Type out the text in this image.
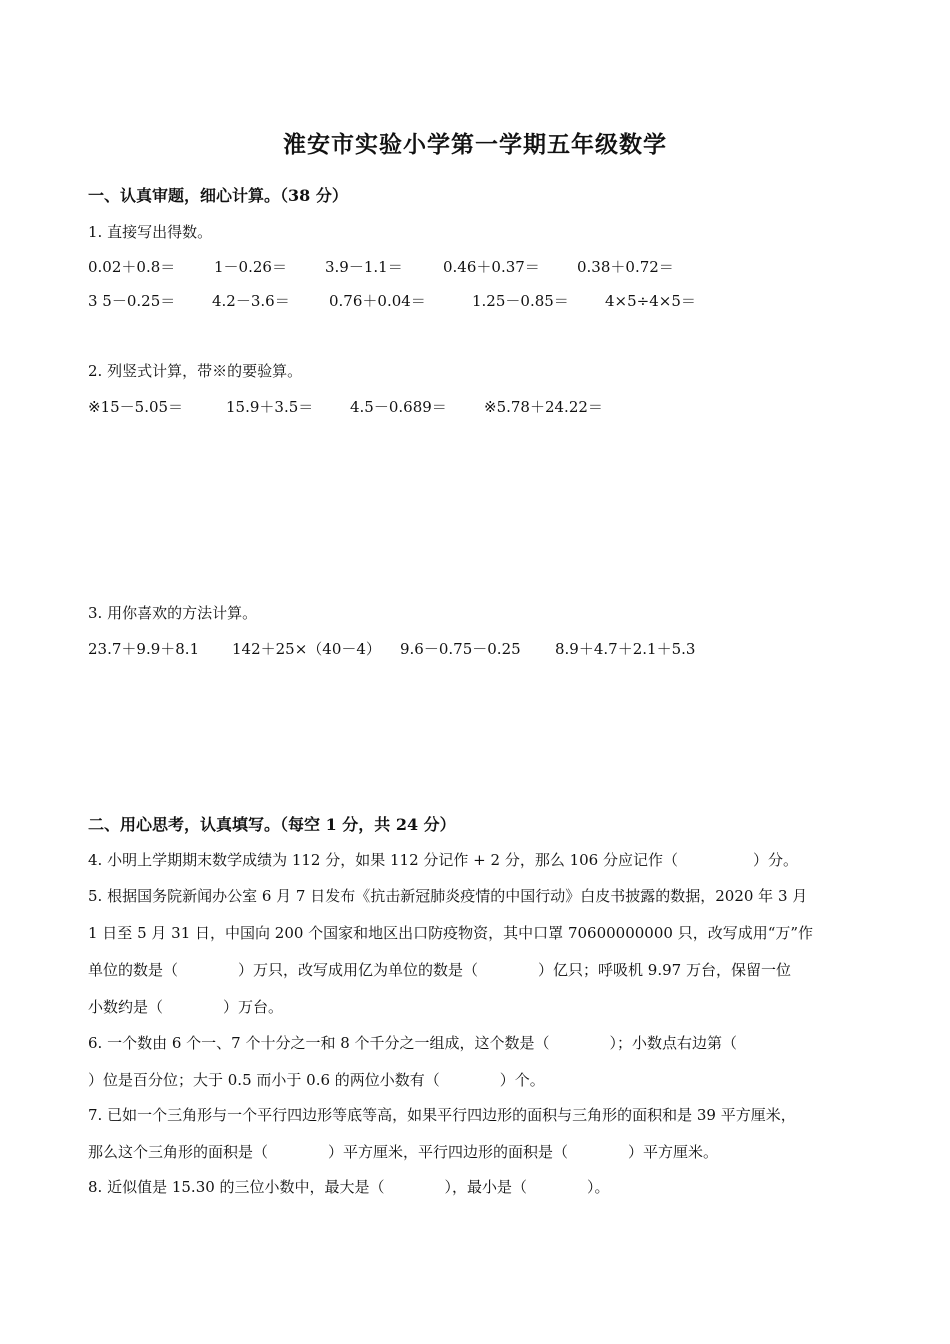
淮安市实验小学第一学期五年级数学
一、认真审题，细心计算。（38 分）
1. 直接写出得数。
0.02＋0.8＝	1－0.26＝	3.9－1.1＝	0.46＋0.37＝ 0.38＋0.72＝
3 5－0.25＝ 4.2－3.6＝	0.76＋0.04＝	1.25－0.85＝ 4×5÷4×5＝
2. 列竖式计算，带※的要验算。
※15－5.05＝	15.9＋3.5＝ 4.5－0.689＝ ※5.78＋24.22＝
3. 用你喜欢的方法计算。
23.7＋9.9＋8.1 142＋25×（40－4） 9.6－0.75－0.25 8.9＋4.7＋2.1＋5.3
二、用心思考，认真填写。（每空 1 分，共 24 分）
4. 小明上学期期末数学成绩为 112 分，如果 112 分记作 + 2 分，那么 106 分应记作（　　　　　）分。
5. 根据国务院新闻办公室 6 月 7 日发布《抗击新冠肺炎疫情的中国行动》白皮书披露的数据，2020 年 3 月
1 日至 5 月 31 日，中国向 200 个国家和地区出口防疫物资，其中口罩 70600000000 只，改写成用“万”作
单位的数是（　　　　）万只，改写成用亿为单位的数是（　　　　）亿只；呼吸机 9.97 万台，保留一位
小数约是（　　　　）万台。
6. 一个数由 6 个一、7 个十分之一和 8 个千分之一组成，这个数是（　　　　）；小数点右边第（
）位是百分位；大于 0.5 而小于 0.6 的两位小数有（　　　　）个。
7. 已如一个三角形与一个平行四边形等底等高，如果平行四边形的面积与三角形的面积和是 39 平方厘米，
那么这个三角形的面积是（　　　　）平方厘米，平行四边形的面积是（　　　　）平方厘米。
8. 近似值是 15.30 的三位小数中，最大是（　　　　），最小是（　　　　）。
